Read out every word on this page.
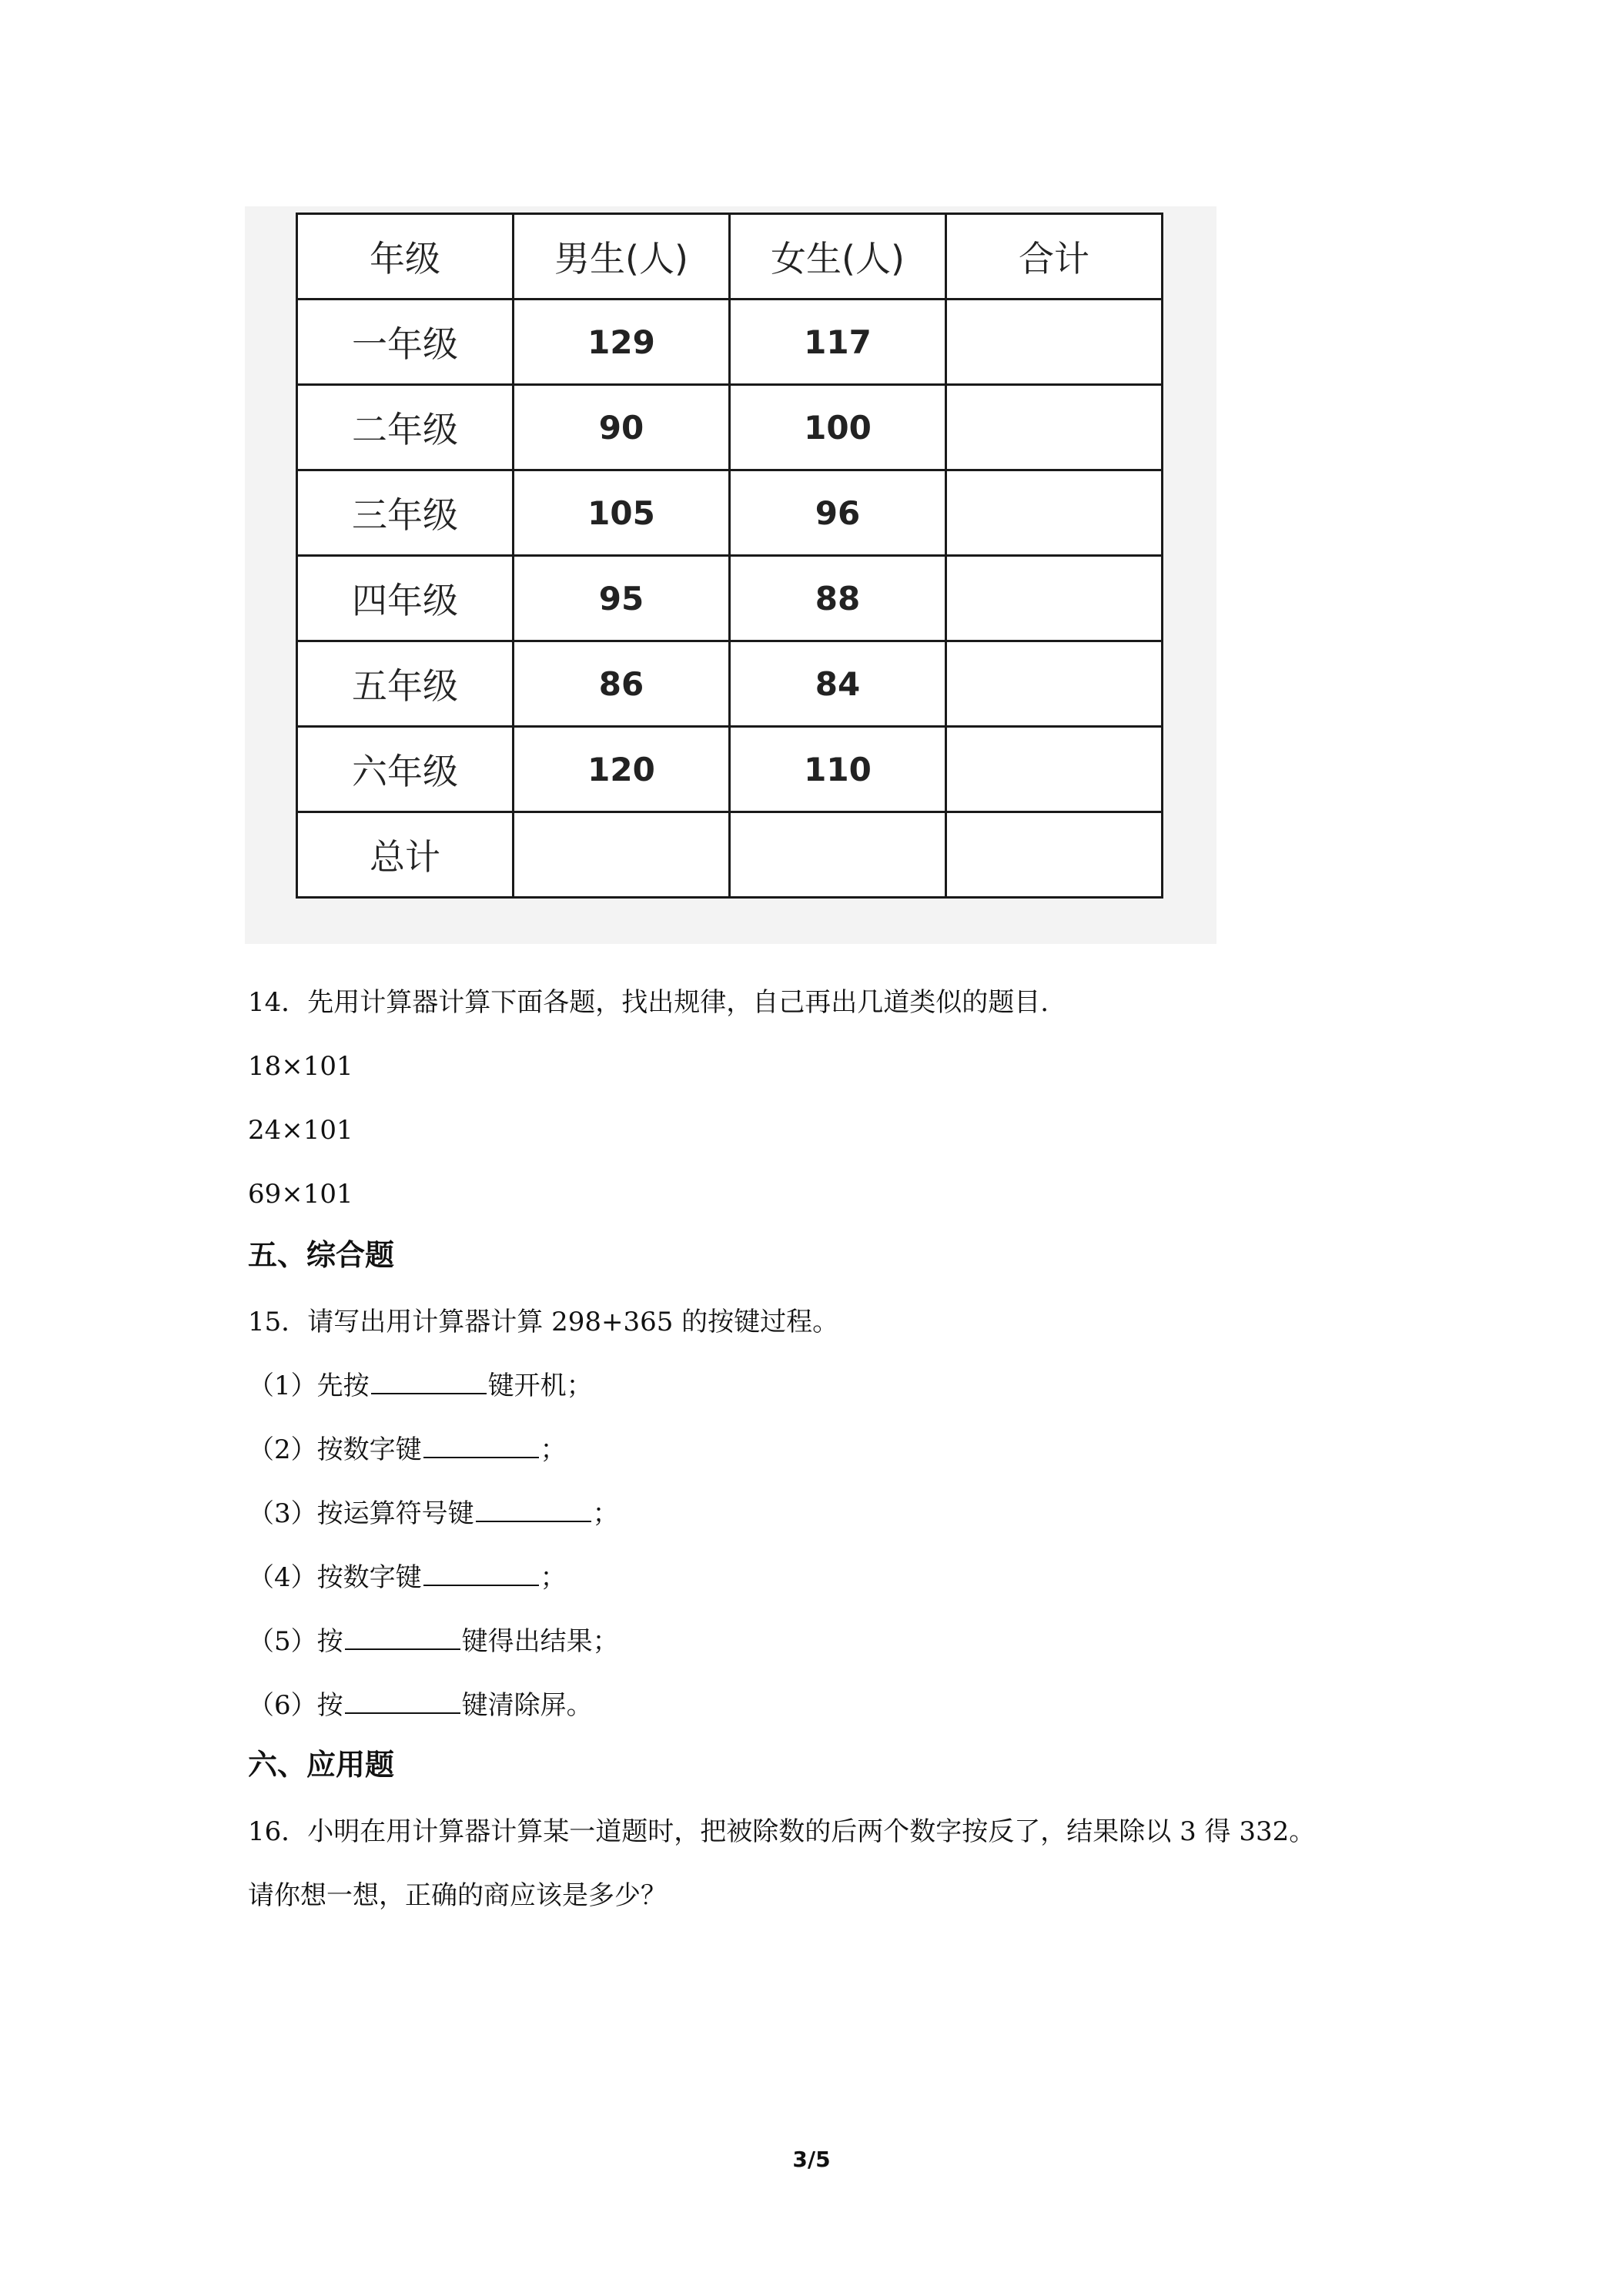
年级	男生(人)	女生(人)	合计
一年级	129	117	
二年级	90	100	
三年级	105	96	
四年级	95	88	
五年级	86	84	
六年级	120	110	
总计			
14．先用计算器计算下面各题，找出规律，自己再出几道类似的题目.
18×101
24×101
69×101
五、综合题
15．请写出用计算器计算 298+365 的按键过程。
（1）先按	键开机；
（2）按数字键	；
（3）按运算符号键	；
（4）按数字键	；
（5）按	键得出结果；
（6）按	键清除屏。
六、应用题
16．小明在用计算器计算某一道题时，把被除数的后两个数字按反了，结果除以 3 得 332。
请你想一想，正确的商应该是多少？
3/5
